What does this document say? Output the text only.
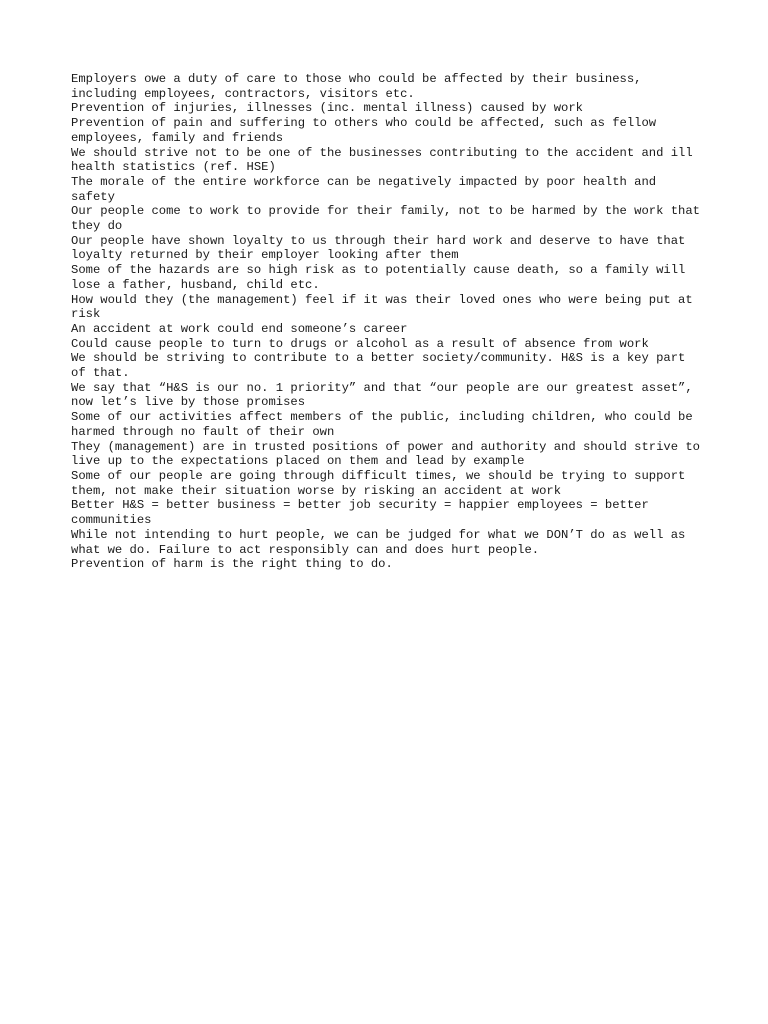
Employers owe a duty of care to those who could be affected by their business, including employees, contractors, visitors etc.

Prevention of injuries, illnesses (inc. mental illness) caused by work

Prevention of pain and suffering to others who could be affected, such as fellow employees, family and friends

We should strive not to be one of the businesses contributing to the accident and ill health statistics (ref. HSE)

The morale of the entire workforce can be negatively impacted by poor health and safety

Our people come to work to provide for their family, not to be harmed by the work that they do

Our people have shown loyalty to us through their hard work and deserve to have that loyalty returned by their employer looking after them

Some of the hazards are so high risk as to potentially cause death, so a family will lose a father, husband, child etc.

How would they (the management) feel if it was their loved ones who were being put at risk

An accident at work could end someone’s career

Could cause people to turn to drugs or alcohol as a result of absence from work

We should be striving to contribute to a better society/community. H&S is a key part of that.

We say that “H&S is our no. 1 priority” and that “our people are our greatest asset”, now let’s live by those promises

Some of our activities affect members of the public, including children, who could be harmed through no fault of their own

They (management) are in trusted positions of power and authority and should strive to live up to the expectations placed on them and lead by example

Some of our people are going through difficult times, we should be trying to support them, not make their situation worse by risking an accident at work

Better H&S = better business = better job security = happier employees = better communities

While not intending to hurt people, we can be judged for what we DON’T do as well as what we do. Failure to act responsibly can and does hurt people.

Prevention of harm is the right thing to do.
